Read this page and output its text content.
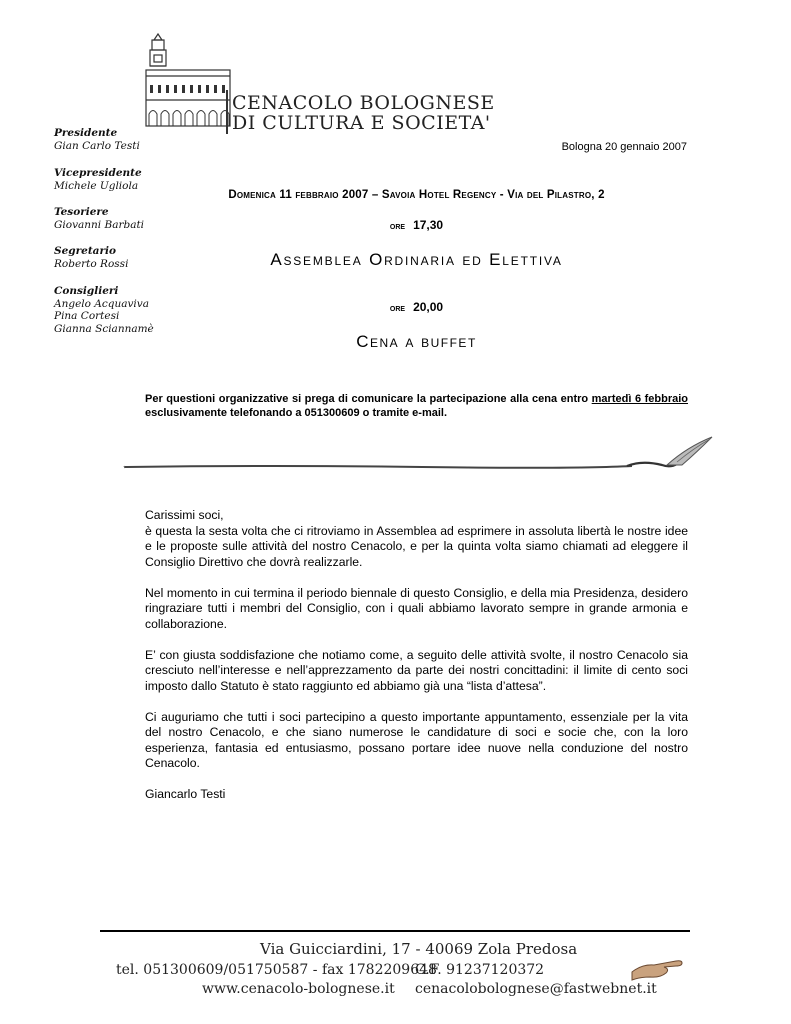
CENACOLO BOLOGNESE
DI CULTURA E SOCIETA'
Presidente
Gian Carlo Testi
Vicepresidente
Michele Ugliola
Tesoriere
Giovanni Barbati
Segretario
Roberto Rossi
Consiglieri
Angelo Acquaviva
Pina Cortesi
Gianna Sciannamè
Bologna 20 gennaio 2007
Domenica 11 febbraio 2007 – Savoia Hotel Regency - Via del Pilastro, 2
ore 17,30
Assemblea Ordinaria ed Elettiva
ore 20,00
Cena a buffet
Per questioni organizzative si prega di comunicare la partecipazione alla cena entro martedì 6 febbraio esclusivamente telefonando a 051300609 o tramite e-mail.

Carissimi soci,

è questa la sesta volta che ci ritroviamo in Assemblea ad esprimere in assoluta libertà le nostre idee e le proposte sulle attività del nostro Cenacolo, e per la quinta volta siamo chiamati ad eleggere il Consiglio Direttivo che dovrà realizzarle.

Nel momento in cui termina il periodo biennale di questo Consiglio, e della mia Presidenza, desidero ringraziare tutti i membri del Consiglio, con i quali abbiamo lavorato sempre in grande armonia e collaborazione.

E’ con giusta soddisfazione che notiamo come, a seguito delle attività svolte, il nostro Cenacolo sia cresciuto nell’interesse e nell’apprezzamento da parte dei nostri concittadini: il limite di cento soci imposto dallo Statuto è stato raggiunto ed abbiamo già una “lista d’attesa”.

Ci auguriamo che tutti i soci partecipino a questo importante appuntamento, essenziale per la vita del nostro Cenacolo, e che siano numerose le candidature di soci e socie che, con la loro esperienza, fantasia ed entusiasmo, possano portare idee nuove nella conduzione del nostro Cenacolo.

Giancarlo Testi

Via Guicciardini, 17 - 40069 Zola Predosa
tel. 051300609/051750587 - fax 1782209648
C.F. 91237120372
www.cenacolo-bolognese.it cenacolobolognese@fastwebnet.it
